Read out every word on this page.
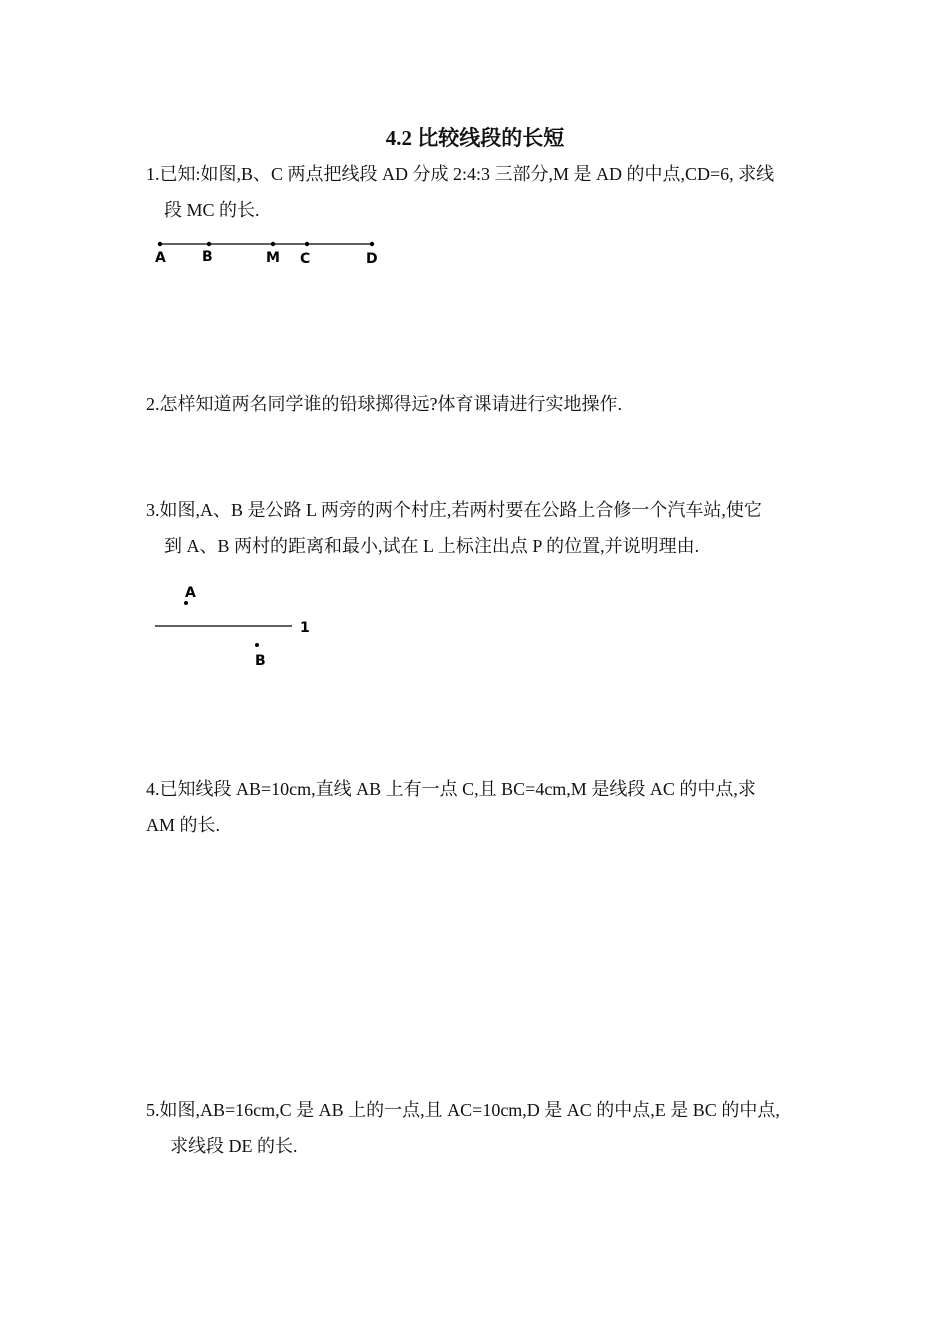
4.2 比较线段的长短
1.已知:如图,B、C 两点把线段 AD 分成 2:4:3 三部分,M 是 AD 的中点,CD=6, 求线
段 MC 的长.
A	B	M C	D
2.怎样知道两名同学谁的铅球掷得远?体育课请进行实地操作.
3.如图,A、B 是公路 L 两旁的两个村庄,若两村要在公路上合修一个汽车站,使它
到 A、B 两村的距离和最小,试在 L 上标注出点 P 的位置,并说明理由.
A
1
B
4.已知线段 AB=10cm,直线 AB 上有一点 C,且 BC=4cm,M 是线段 AC 的中点,求
AM 的长.
5.如图,AB=16cm,C 是 AB 上的一点,且 AC=10cm,D 是 AC 的中点,E 是 BC 的中点,
求线段 DE 的长.
